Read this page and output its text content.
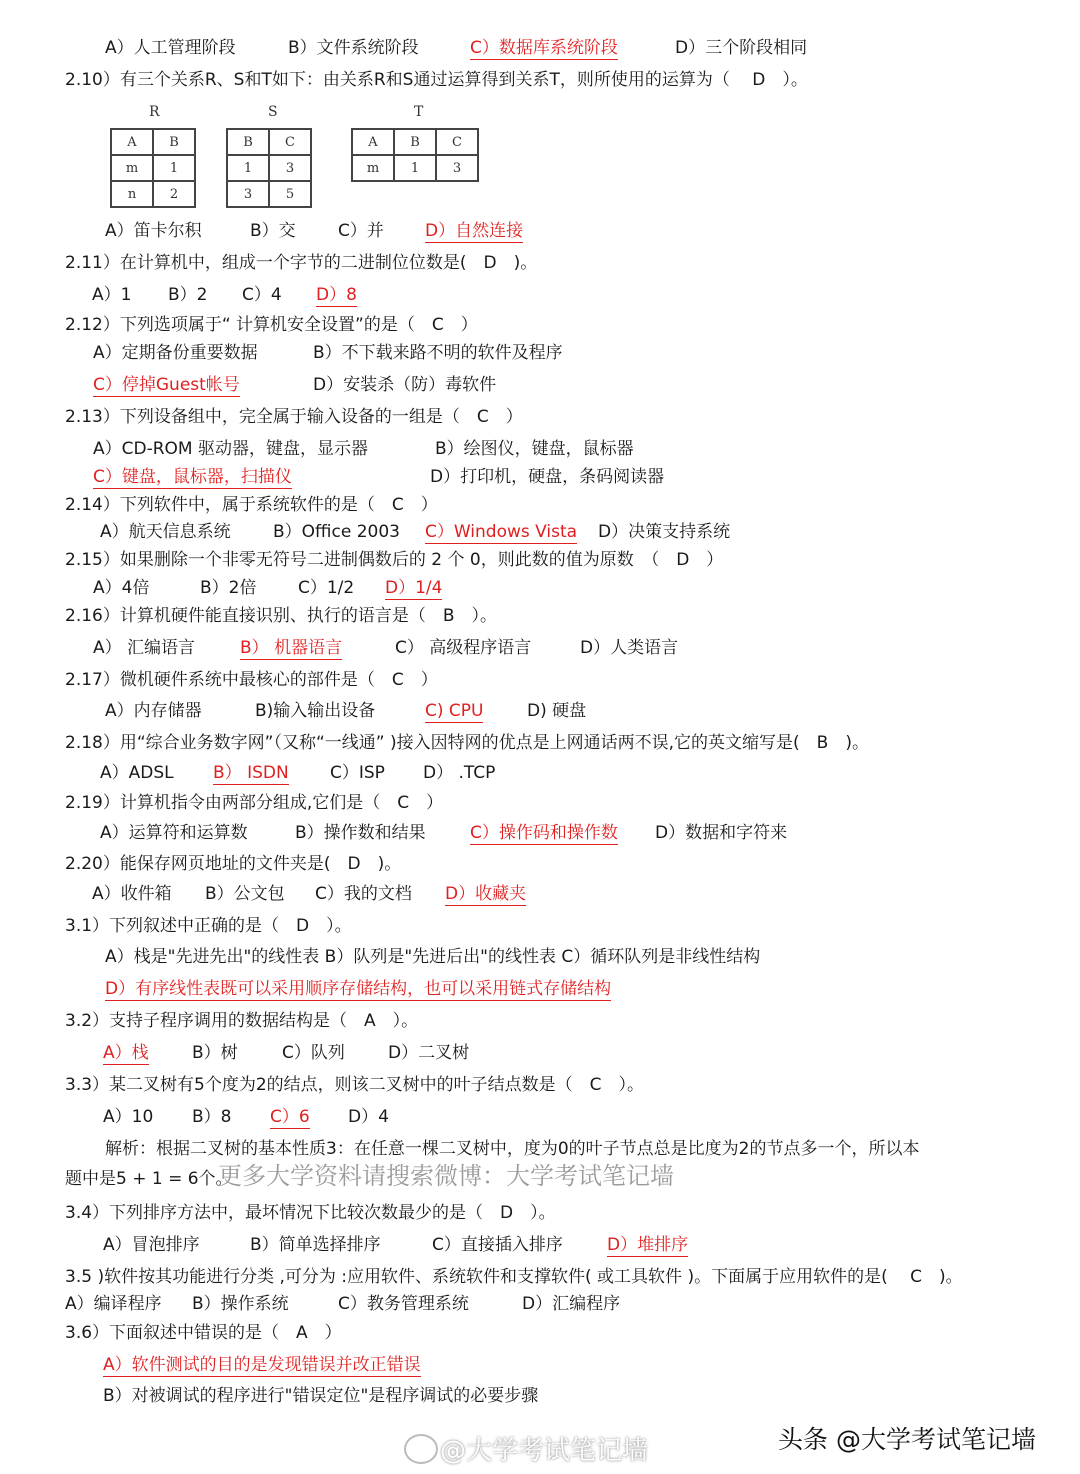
A）人工管理阶段	B）文件系统阶段	C）数据库系统阶段	D）三个阶段相同
2.10）有三个关系R、S和T如下：由关系R和S通过运算得到关系T，则所使用的运算为（　 D　）。
A）笛卡尔积	B）交 C）并 D）自然连接
2.11）在计算机中，组成一个字节的二进制位位数是(　D　)。
A）1 B）2 C）4 D）8
2.12）下列选项属于“ 计算机安全设置”的是（　C　）
A）定期备份重要数据	B）不下载来路不明的软件及程序
C）停掉Guest帐号	D）安装杀（防）毒软件
2.13）下列设备组中，完全属于输入设备的一组是（　C　）
A）CD-ROM 驱动器，键盘，显示器	B）绘图仪，键盘，鼠标器
C）键盘，鼠标器，扫描仪	D）打印机，硬盘，条码阅读器
2.14）下列软件中，属于系统软件的是（　C　）
A）航天信息系统 B）Office 2003 C）Windows Vista D）决策支持系统
2.15）如果删除一个非零无符号二进制偶数后的 2 个 0，则此数的值为原数　（　D　）
A）4倍	B）2倍 C）1/2 D）1/4
2.16）计算机硬件能直接识别、执行的语言是（　B　）。
A） 汇编语言	B） 机器语言	C） 高级程序语言	D）人类语言
2.17）微机硬件系统中最核心的部件是（　C　）
A）内存储器	B)输入输出设备	C) CPU	D) 硬盘
2.18）用“综合业务数字网”（又称“一线通” )接入因特网的优点是上网通话两不误,它的英文缩写是(　B　)。
A）ADSL B） ISDN C）ISP D） .TCP
2.19）计算机指令由两部分组成,它们是（　C　）
A）运算符和运算数	B）操作数和结果	C）操作码和操作数 D）数据和字符来
2.20）能保存网页地址的文件夹是(　D　)。
A）收件箱 B）公文包 C）我的文档 D）收藏夹
3.1）下列叙述中正确的是（　D　）。
A）栈是"先进先出"的线性表 B）队列是"先进后出"的线性表 C）循环队列是非线性结构
D）有序线性表既可以采用顺序存储结构，也可以采用链式存储结构
3.2）支持子程序调用的数据结构是（　A　）。
A）栈	B）树	C）队列	D）二叉树
3.3）某二叉树有5个度为2的结点，则该二叉树中的叶子结点数是（　C　）。
A）10 B）8 C）6 D）4
解析：根据二叉树的基本性质3：在任意一棵二叉树中，度为0的叶子节点总是比度为2的节点多一个，所以本
题中是5 + 1 = 6个。
3.4）下列排序方法中，最坏情况下比较次数最少的是（　D　）。
A）冒泡排序	B）简单选择排序	C）直接插入排序	D）堆排序
3.5 )软件按其功能进行分类 ,可分为 :应用软件、系统软件和支撑软件( 或工具软件 )。下面属于应用软件的是(　 C　)。
A）编译程序 B）操作系统	C）教务管理系统	D）汇编程序
3.6）下面叙述中错误的是（　A　）
A）软件测试的目的是发现错误并改正错误
B）对被调试的程序进行"错误定位"是程序调试的必要步骤
R
A	B
m	1
n	2
S
B	C
1	3
3	5
T
A	B	C
m	1	3
更多大学资料请搜索微博：大学考试笔记墙
@大学考试笔记墙	头条 @大学考试笔记墙
